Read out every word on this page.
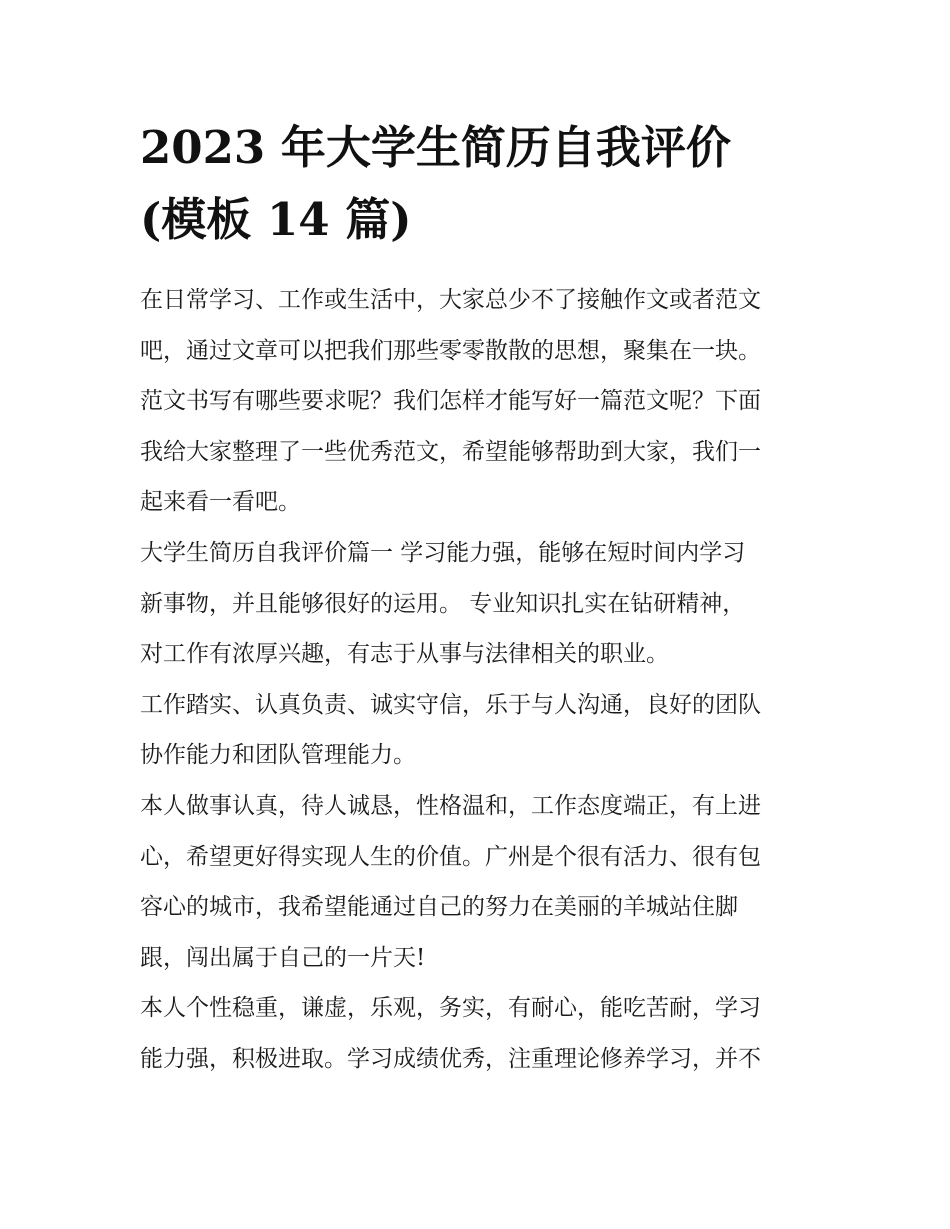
2023 年大学生简历自我评价
(模板 14 篇)
在日常学习、工作或生活中，大家总少不了接触作文或者范文
吧，通过文章可以把我们那些零零散散的思想，聚集在一块。
范文书写有哪些要求呢？我们怎样才能写好一篇范文呢？下面
我给大家整理了一些优秀范文，希望能够帮助到大家，我们一
起来看一看吧。
大学生简历自我评价篇一 学习能力强，能够在短时间内学习
新事物，并且能够很好的运用。 专业知识扎实在钻研精神，
对工作有浓厚兴趣，有志于从事与法律相关的职业。
工作踏实、认真负责、诚实守信，乐于与人沟通，良好的团队
协作能力和团队管理能力。
本人做事认真，待人诚恳，性格温和，工作态度端正，有上进
心，希望更好得实现人生的价值。广州是个很有活力、很有包
容心的城市，我希望能通过自己的努力在美丽的羊城站住脚
跟，闯出属于自己的一片天!
本人个性稳重，谦虚，乐观，务实，有耐心，能吃苦耐，学习
能力强，积极进取。学习成绩优秀，注重理论修养学习，并不
